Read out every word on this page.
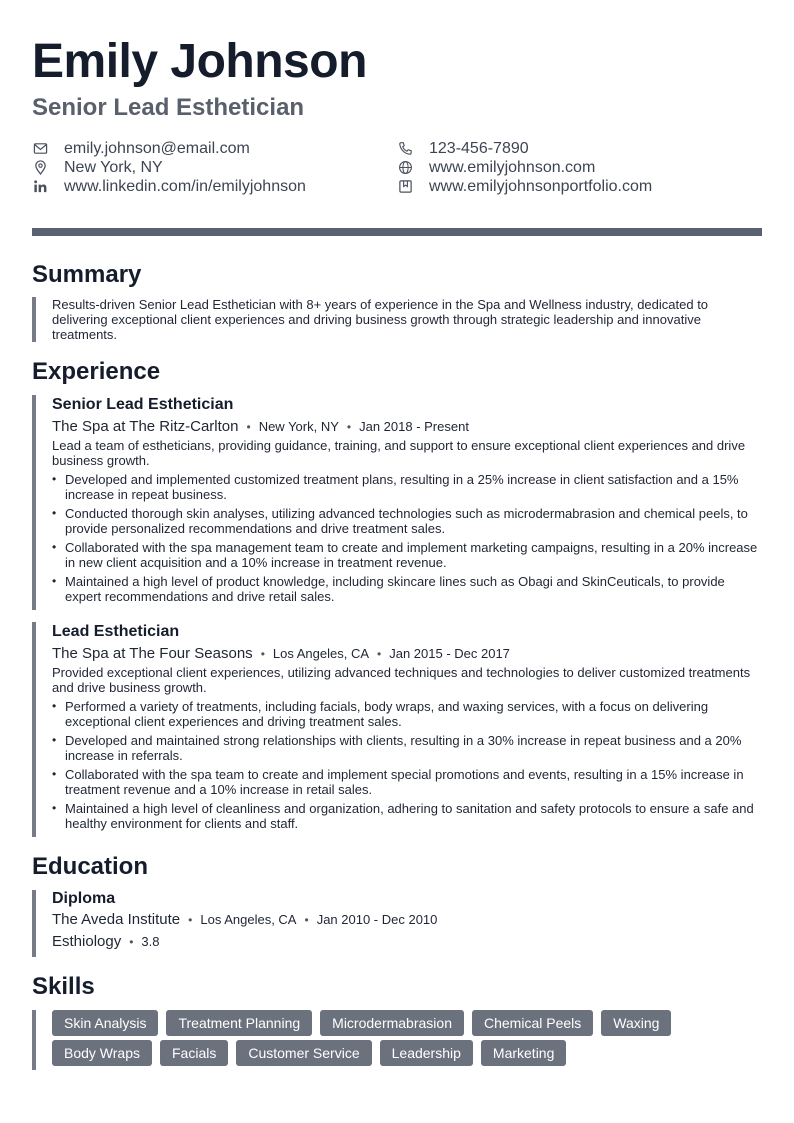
Emily Johnson
Senior Lead Esthetician
emily.johnson@email.com	123-456-7890
New York, NY	www.emilyjohnson.com
www.linkedin.com/in/emilyjohnson	www.emilyjohnsonportfolio.com
Summary
Results-driven Senior Lead Esthetician with 8+ years of experience in the Spa and Wellness industry, dedicated to delivering exceptional client experiences and driving business growth through strategic leadership and innovative treatments.
Experience
Senior Lead Esthetician
The Spa at The Ritz-Carlton • New York, NY • Jan 2018 - Present
Lead a team of estheticians, providing guidance, training, and support to ensure exceptional client experiences and drive business growth.
• Developed and implemented customized treatment plans, resulting in a 25% increase in client satisfaction and a 15% increase in repeat business.
• Conducted thorough skin analyses, utilizing advanced technologies such as microdermabrasion and chemical peels, to provide personalized recommendations and drive treatment sales.
• Collaborated with the spa management team to create and implement marketing campaigns, resulting in a 20% increase in new client acquisition and a 10% increase in treatment revenue.
• Maintained a high level of product knowledge, including skincare lines such as Obagi and SkinCeuticals, to provide expert recommendations and drive retail sales.
Lead Esthetician
The Spa at The Four Seasons • Los Angeles, CA • Jan 2015 - Dec 2017
Provided exceptional client experiences, utilizing advanced techniques and technologies to deliver customized treatments and drive business growth.
• Performed a variety of treatments, including facials, body wraps, and waxing services, with a focus on delivering exceptional client experiences and driving treatment sales.
• Developed and maintained strong relationships with clients, resulting in a 30% increase in repeat business and a 20% increase in referrals.
• Collaborated with the spa team to create and implement special promotions and events, resulting in a 15% increase in treatment revenue and a 10% increase in retail sales.
• Maintained a high level of cleanliness and organization, adhering to sanitation and safety protocols to ensure a safe and healthy environment for clients and staff.
Education
Diploma
The Aveda Institute • Los Angeles, CA • Jan 2010 - Dec 2010
Esthiology • 3.8
Skills
Skin Analysis	Treatment Planning	Microdermabrasion	Chemical Peels	Waxing
Body Wraps	Facials	Customer Service	Leadership	Marketing
